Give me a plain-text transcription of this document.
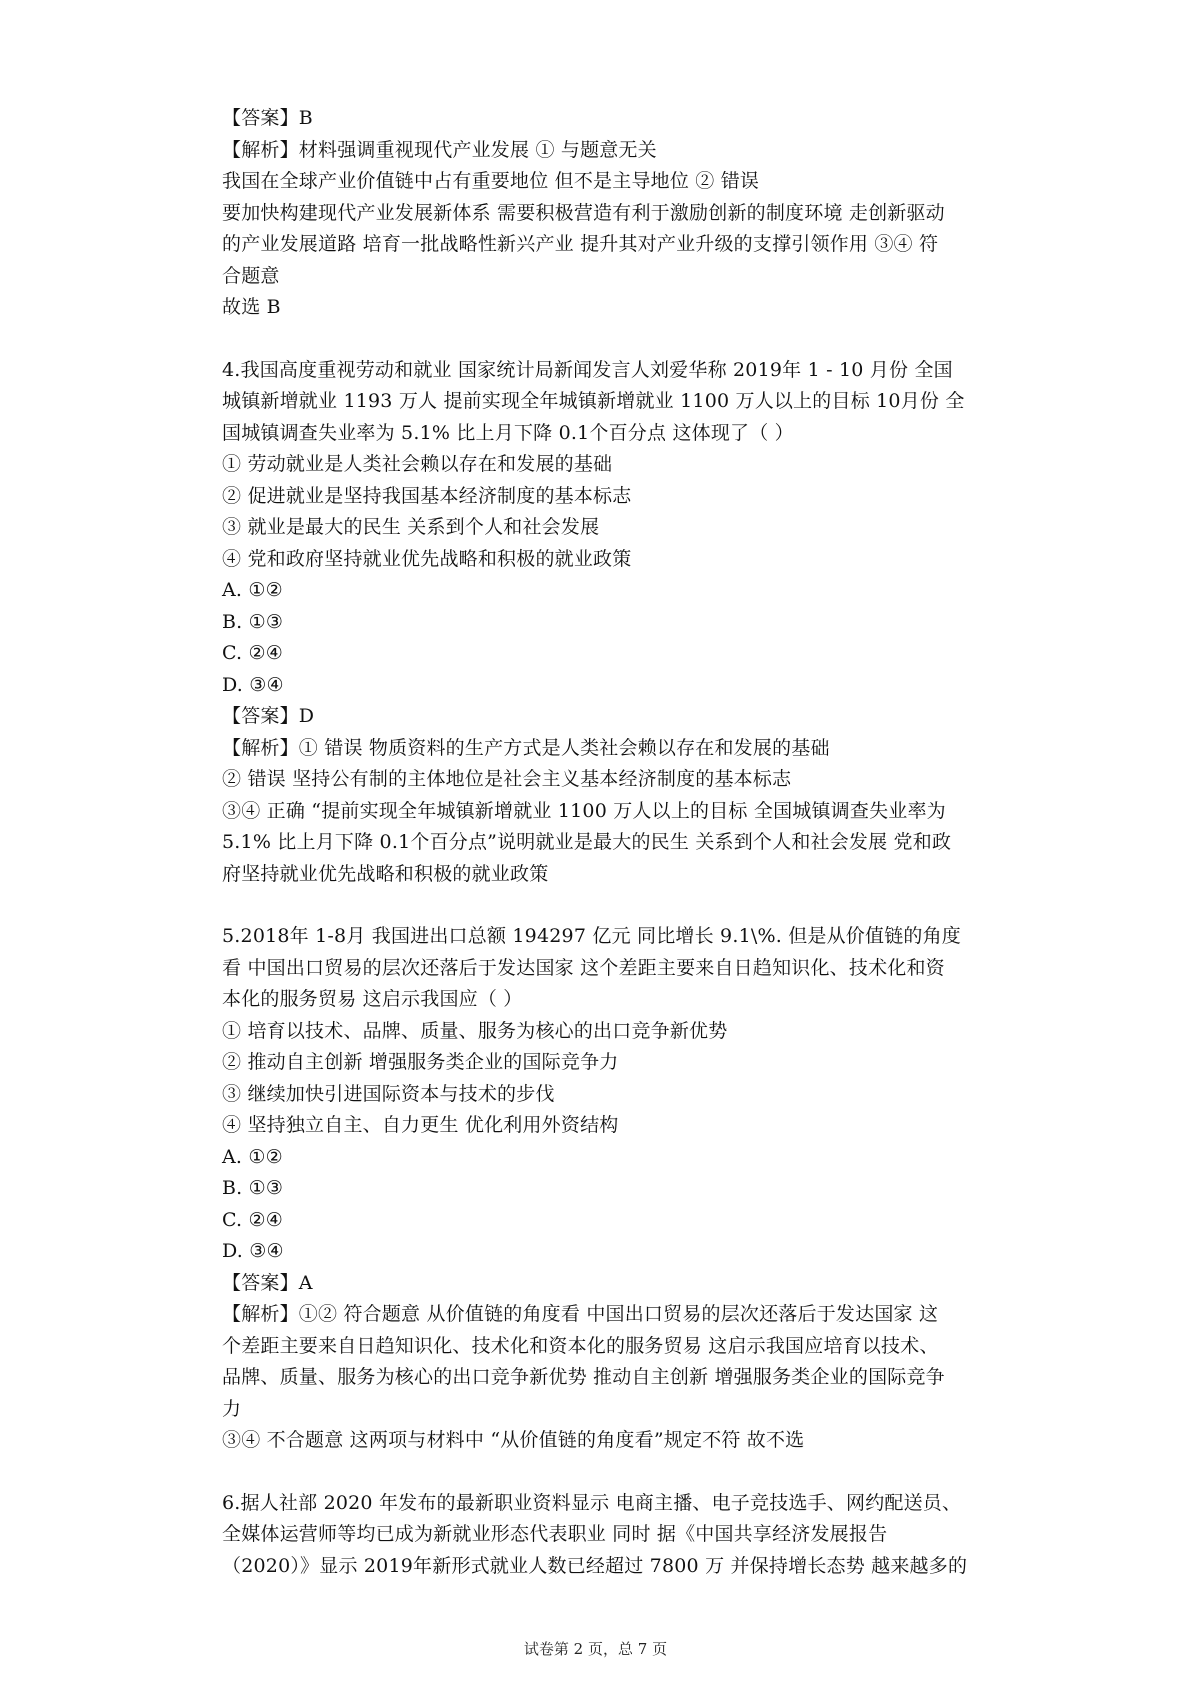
【答案】B
【解析】材料强调重视现代产业发展 ① 与题意无关
我国在全球产业价值链中占有重要地位 但不是主导地位 ② 错误
要加快构建现代产业发展新体系 需要积极营造有利于激励创新的制度环境 走创新驱动
的产业发展道路 培育一批战略性新兴产业 提升其对产业升级的支撑引领作用 ③④ 符
合题意
故选 B
4.我国高度重视劳动和就业 国家统计局新闻发言人刘爱华称 2019年 1 - 10 月份 全国
城镇新增就业 1193 万人 提前实现全年城镇新增就业 1100 万人以上的目标 10月份 全
国城镇调查失业率为 5.1% 比上月下降 0.1个百分点 这体现了（ ）
① 劳动就业是人类社会赖以存在和发展的基础
② 促进就业是坚持我国基本经济制度的基本标志
③ 就业是最大的民生 关系到个人和社会发展
④ 党和政府坚持就业优先战略和积极的就业政策
A. ①②
B. ①③
C. ②④
D. ③④
【答案】D
【解析】① 错误 物质资料的生产方式是人类社会赖以存在和发展的基础
② 错误 坚持公有制的主体地位是社会主义基本经济制度的基本标志
③④ 正确 “提前实现全年城镇新增就业 1100 万人以上的目标 全国城镇调查失业率为
5.1% 比上月下降 0.1个百分点”说明就业是最大的民生 关系到个人和社会发展 党和政
府坚持就业优先战略和积极的就业政策
5.2018年 1-8月 我国进出口总额 194297 亿元 同比增长 9.1\%. 但是从价值链的角度
看 中国出口贸易的层次还落后于发达国家 这个差距主要来自日趋知识化、技术化和资
本化的服务贸易 这启示我国应（ ）
① 培育以技术、品牌、质量、服务为核心的出口竞争新优势
② 推动自主创新 增强服务类企业的国际竞争力
③ 继续加快引进国际资本与技术的步伐
④ 坚持独立自主、自力更生 优化利用外资结构
A. ①②
B. ①③
C. ②④
D. ③④
【答案】A
【解析】①② 符合题意 从价值链的角度看 中国出口贸易的层次还落后于发达国家 这
个差距主要来自日趋知识化、技术化和资本化的服务贸易 这启示我国应培育以技术、
品牌、质量、服务为核心的出口竞争新优势 推动自主创新 增强服务类企业的国际竞争
力
③④ 不合题意 这两项与材料中 “从价值链的角度看”规定不符 故不选
6.据人社部 2020 年发布的最新职业资料显示 电商主播、电子竞技选手、网约配送员、
全媒体运营师等均已成为新就业形态代表职业 同时 据《中国共享经济发展报告
（2020）》显示 2019年新形式就业人数已经超过 7800 万 并保持增长态势 越来越多的
试卷第 2 页，总 7 页
